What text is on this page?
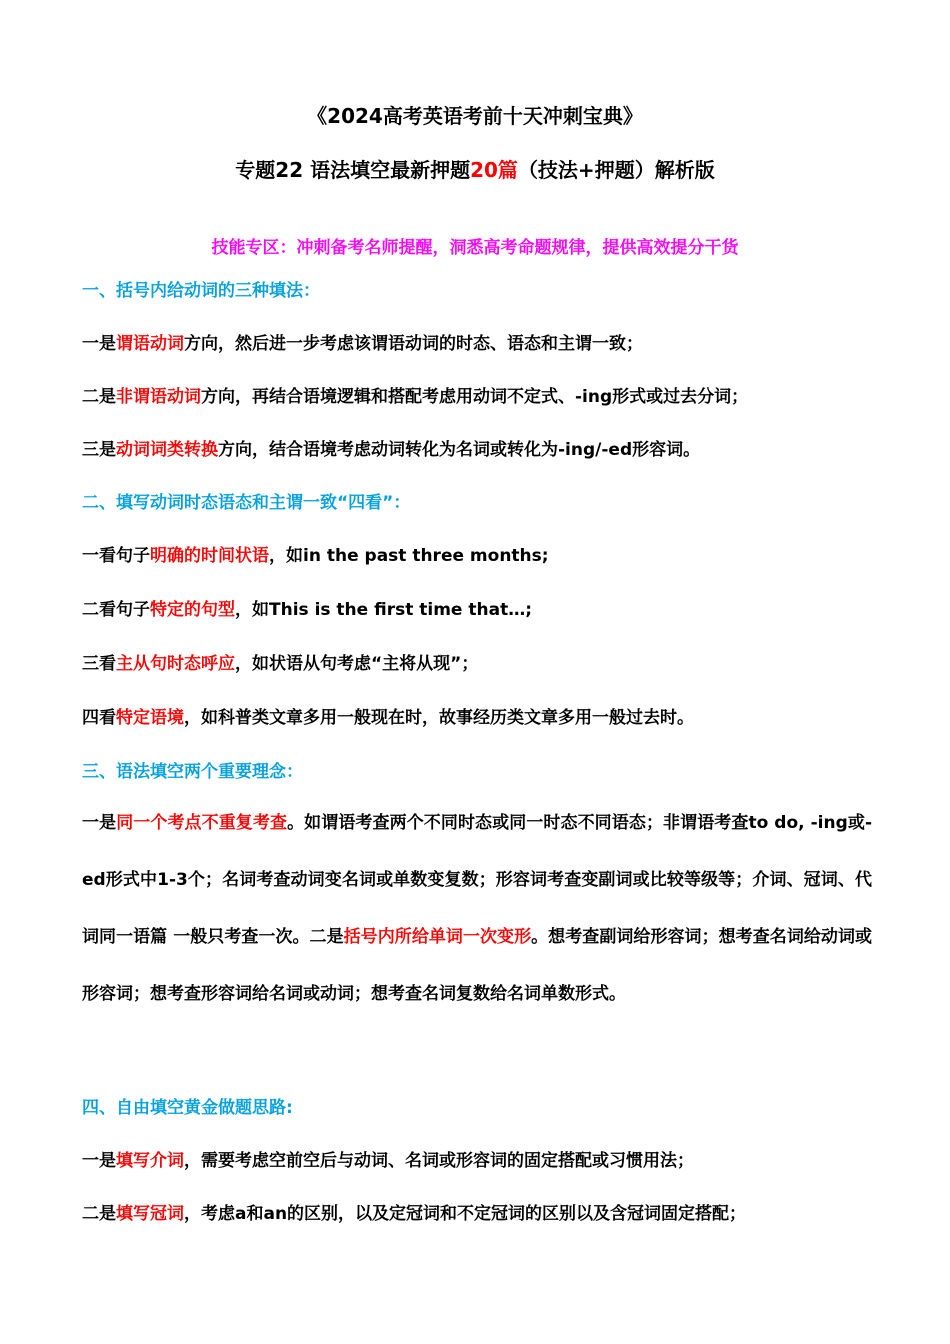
《2024高考英语考前十天冲刺宝典》
专题22 语法填空最新押题20篇（技法+押题）解析版
技能专区：冲刺备考名师提醒，洞悉高考命题规律，提供高效提分干货
一、括号内给动词的三种填法：
一是谓语动词方向，然后进一步考虑该谓语动词的时态、语态和主谓一致；
二是非谓语动词方向，再结合语境逻辑和搭配考虑用动词不定式、-ing形式或过去分词；
三是动词词类转换方向，结合语境考虑动词转化为名词或转化为-ing/-ed形容词。
二、填写动词时态语态和主谓一致“四看”：
一看句子明确的时间状语，如in the past three months;
二看句子特定的句型，如This is the first time that…;
三看主从句时态呼应，如状语从句考虑“主将从现”；
四看特定语境，如科普类文章多用一般现在时，故事经历类文章多用一般过去时。
三、语法填空两个重要理念：
一是同一个考点不重复考查。如谓语考查两个不同时态或同一时态不同语态；非谓语考查to do, -ing或-ed形式中1-3个；名词考查动词变名词或单数变复数；形容词考查变副词或比较等级等；介词、冠词、代词同一语篇 一般只考查一次。二是括号内所给单词一次变形。想考查副词给形容词；想考查名词给动词或形容词；想考查形容词给名词或动词；想考查名词复数给名词单数形式。
四、自由填空黄金做题思路:
一是填写介词，需要考虑空前空后与动词、名词或形容词的固定搭配或习惯用法；
二是填写冠词，考虑a和an的区别，以及定冠词和不定冠词的区别以及含冠词固定搭配；
